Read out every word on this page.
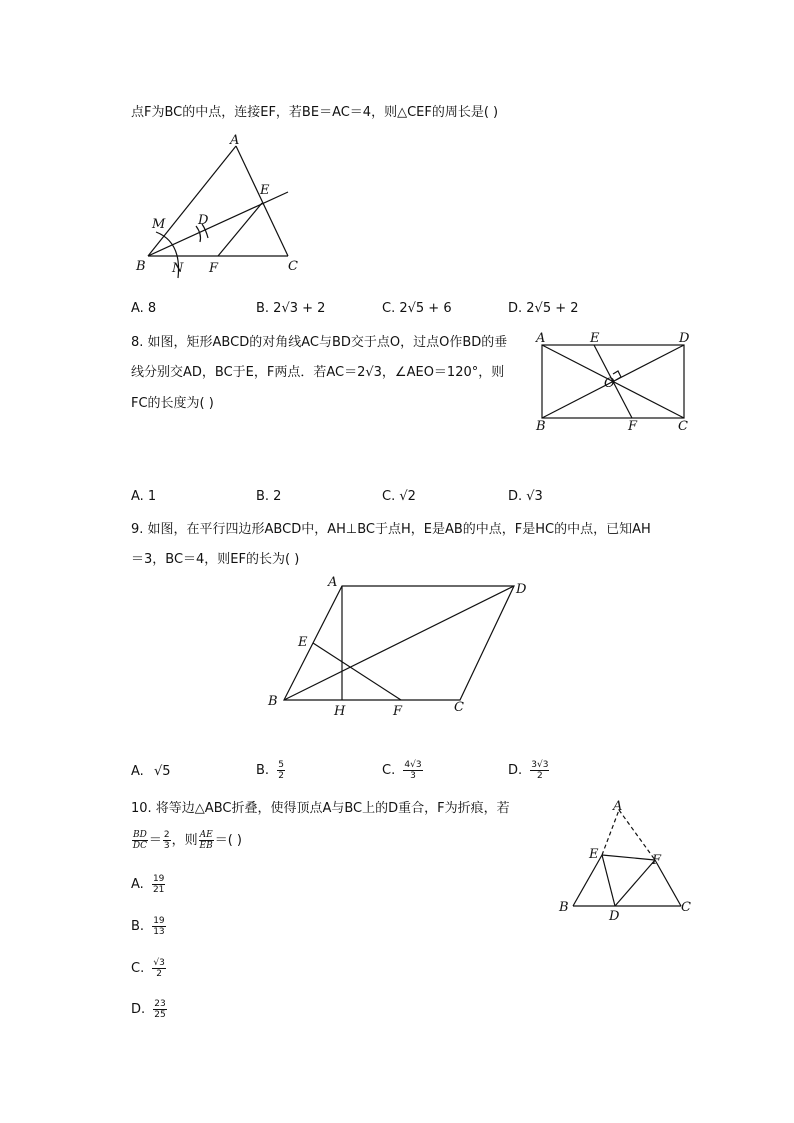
点F为BC的中点，连接EF，若BE＝AC＝4，则△CEF的周长是( )
A
B	C
D
E
F
M
N
A. 8	B. 2√3 + 2	C. 2√5 + 6	D. 2√5 + 2
8. 如图，矩形ABCD的对角线AC与BD交于点O，过点O作BD的垂
线分别交AD，BC于E，F两点．若AC＝2√3，∠AEO＝120°，则
FC的长度为( )
A
B	C
D
E
F
O
A. 1	B. 2	C. √2	D. √3
9. 如图，在平行四边形ABCD中，AH⊥BC于点H，E是AB的中点，F是HC的中点，已知AH
＝3，BC＝4，则EF的长为( )
A
B	C
D
E
F
H
A. √5	B. $\frac{5}{2}$	C. $\frac{4√3}{3}$	D. $\frac{3√3}{2}$
10. 将等边△ABC折叠，使得顶点A与BC上的D重合，F为折痕，若
$\frac{BD}{DC} = \frac{2}{3}$ ，则 $\frac{AE}{EB}$ ＝( )
A
B	C
D
E	F
A. $\frac{19}{21}$
B. $\frac{19}{13}$
C. $\frac{√3}{2}$
D. $\frac{23}{25}$
